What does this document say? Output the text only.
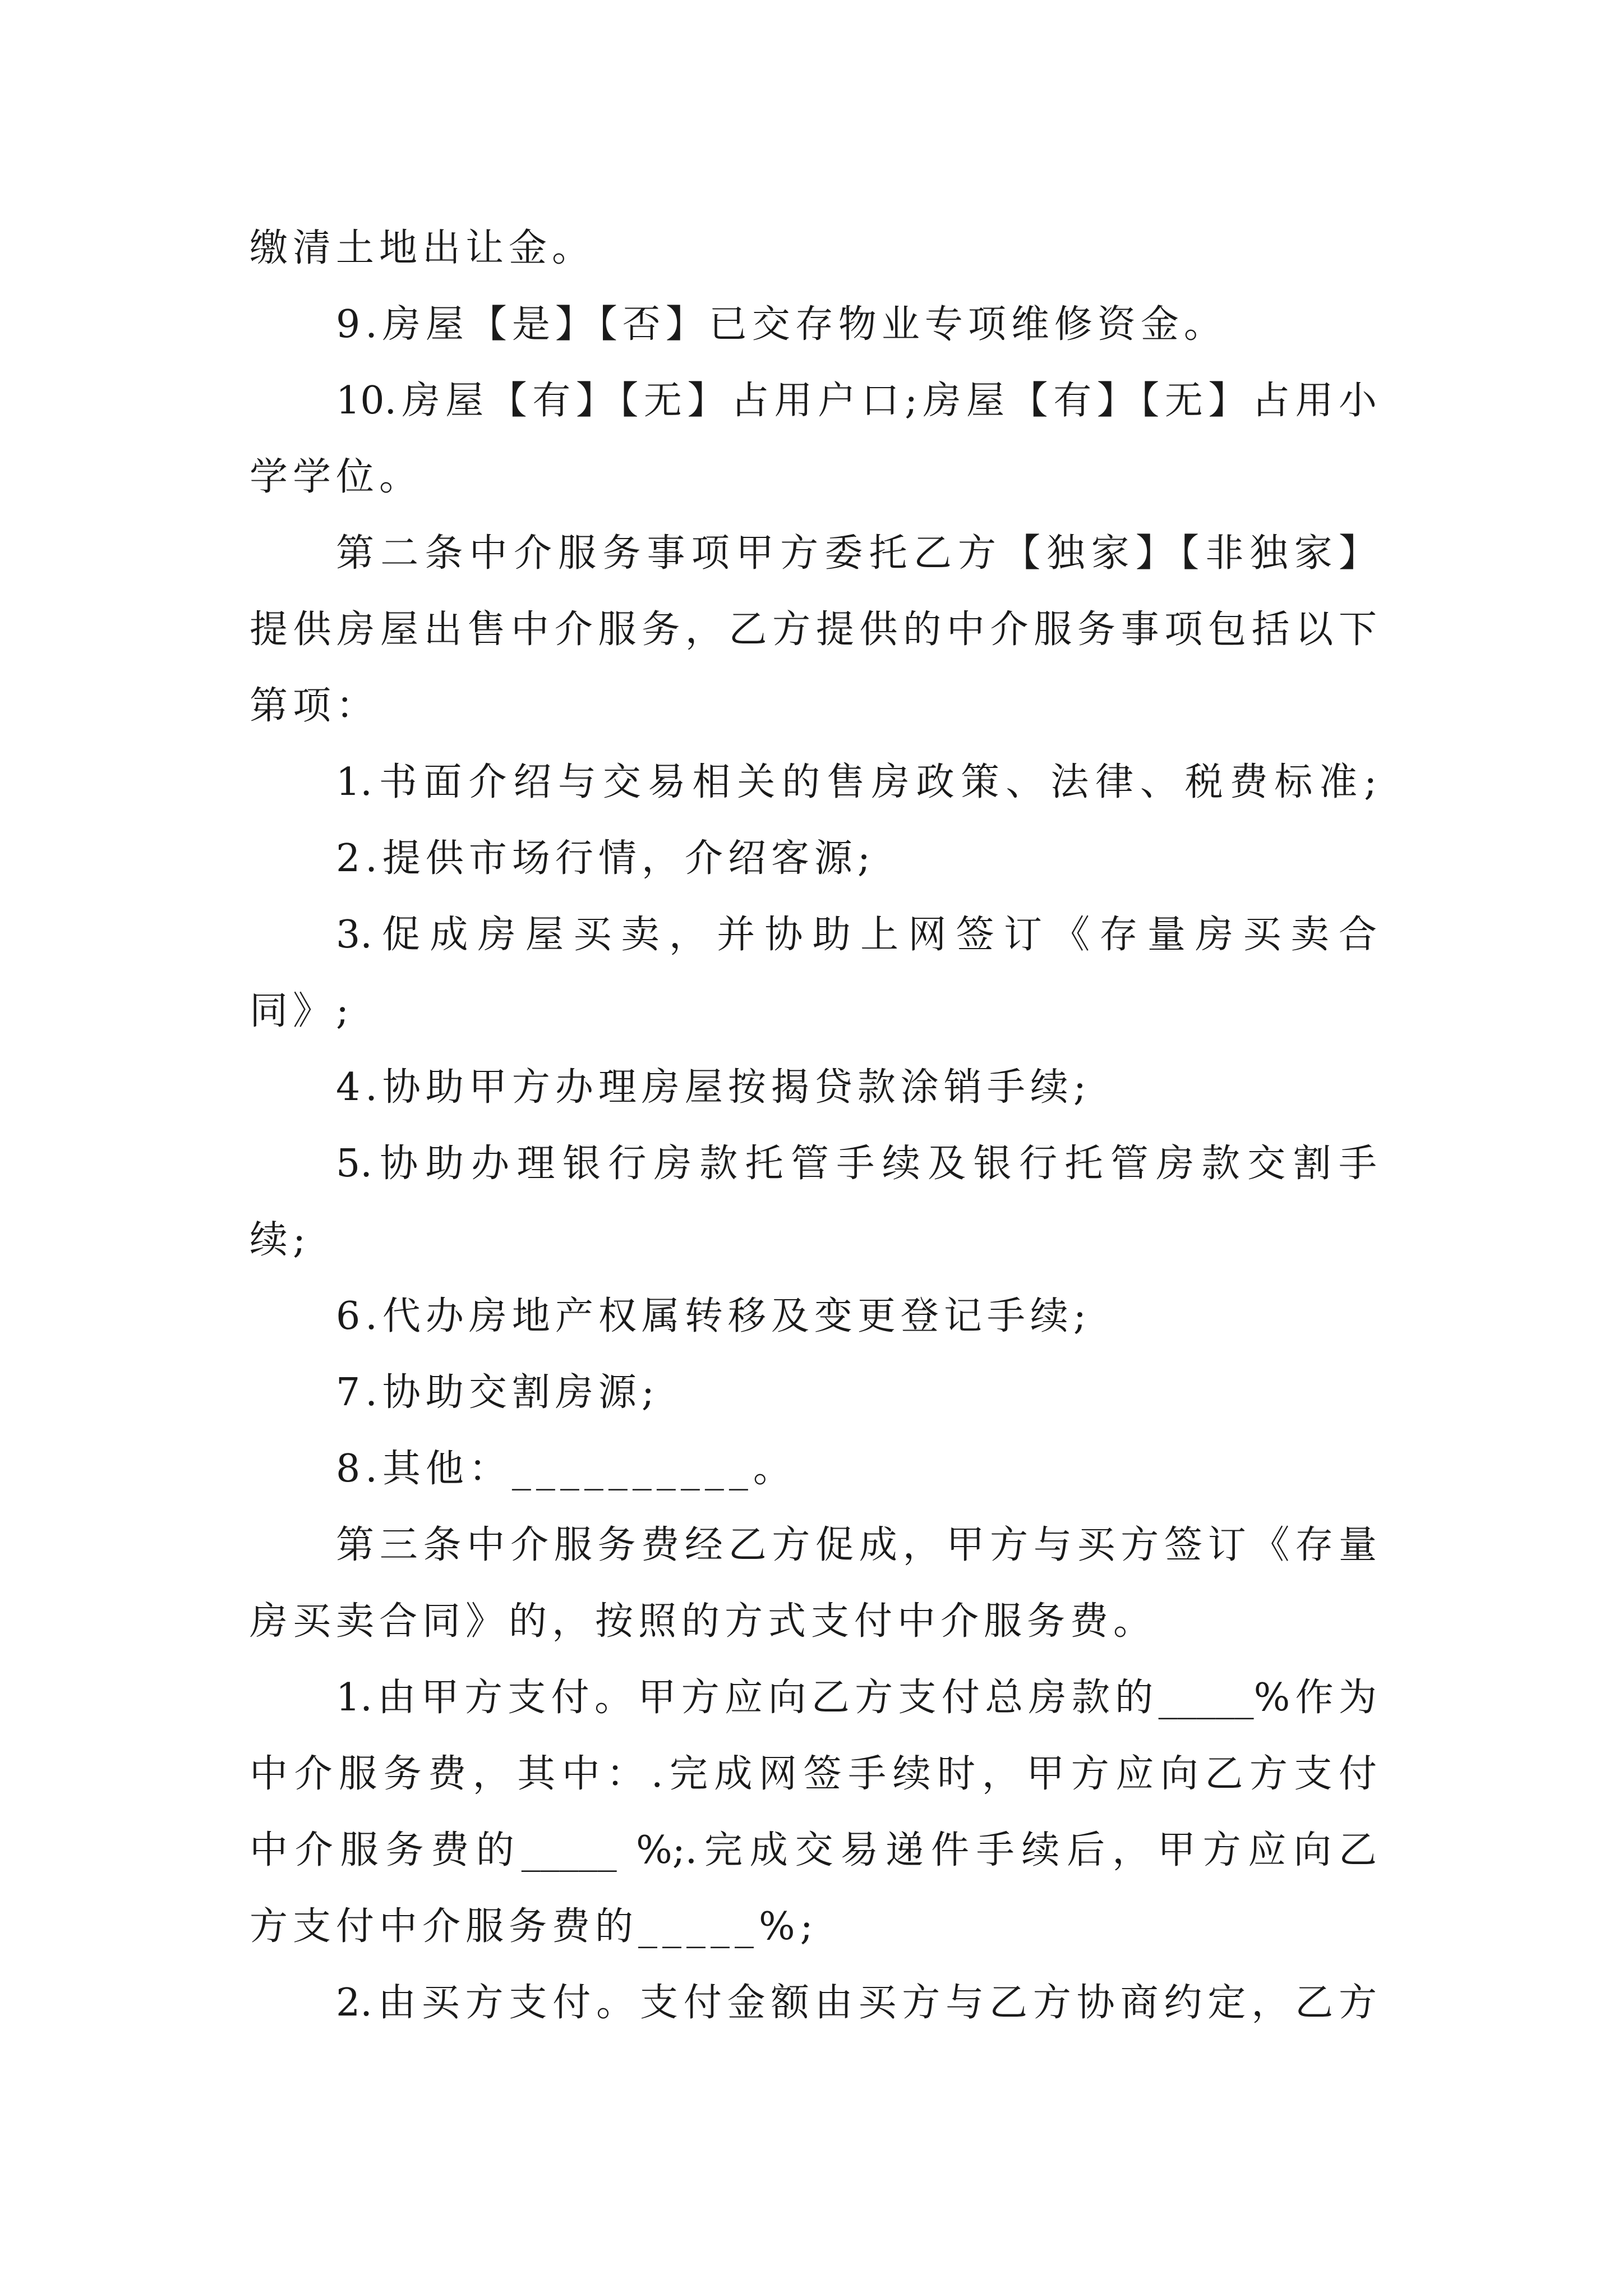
缴清土地出让金。
9.房屋【是】【否】已交存物业专项维修资金。
10.房屋【有】【无】占用户口;房屋【有】【无】占用小
学学位。
第二条中介服务事项甲方委托乙方【独家】【非独家】
提供房屋出售中介服务，乙方提供的中介服务事项包括以下
第项：
1.书面介绍与交易相关的售房政策、法律、税费标准;
2.提供市场行情，介绍客源;
3.促成房屋买卖，并协助上网签订《存量房买卖合
同》;
4.协助甲方办理房屋按揭贷款涂销手续;
5.协助办理银行房款托管手续及银行托管房款交割手
续;
6.代办房地产权属转移及变更登记手续;
7.协助交割房源;
8.其他：__________。
第三条中介服务费经乙方促成，甲方与买方签订《存量
房买卖合同》的，按照的方式支付中介服务费。
1.由甲方支付。甲方应向乙方支付总房款的_____%作为
中介服务费，其中：.完成网签手续时，甲方应向乙方支付
中介服务费的_____ %;.完成交易递件手续后，甲方应向乙
方支付中介服务费的_____%;
2.由买方支付。支付金额由买方与乙方协商约定，乙方
